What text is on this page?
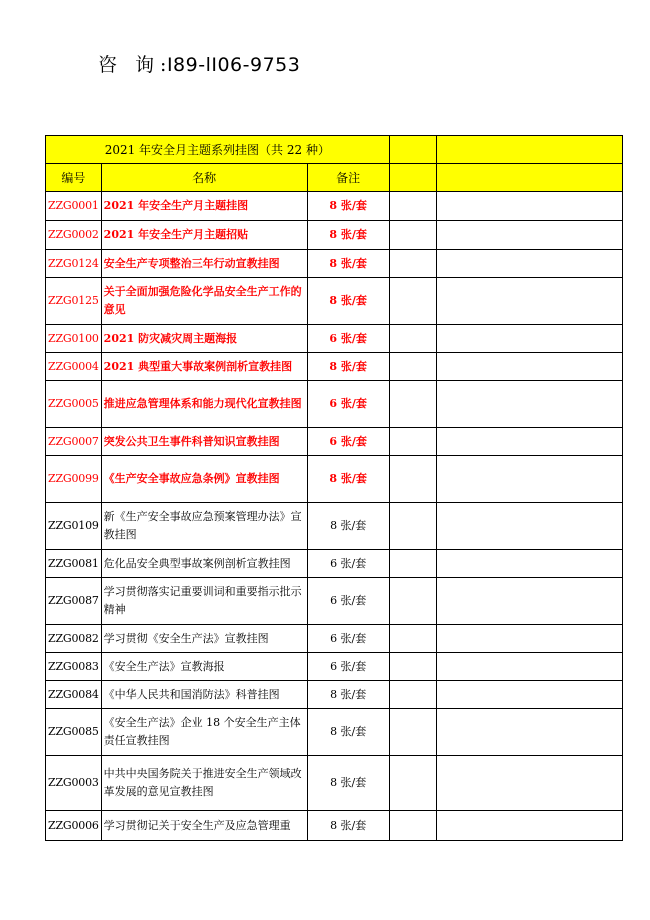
咨 询:I89-lI06-9753
2021 年安全月主题系列挂图（共 22 种）				
编号	名称	备注		
ZZG0001	2021 年安全生产月主题挂图	8 张/套		
ZZG0002	2021 年安全生产月主题招贴	8 张/套		
ZZG0124	安全生产专项整治三年行动宣教挂图	8 张/套		
ZZG0125	关于全面加强危险化学品安全生产工作的意见	8 张/套		
ZZG0100	2021 防灾减灾周主题海报	6 张/套		
ZZG0004	2021 典型重大事故案例剖析宣教挂图	8 张/套		
ZZG0005	推进应急管理体系和能力现代化宣教挂图	6 张/套		
ZZG0007	突发公共卫生事件科普知识宣教挂图	6 张/套		
ZZG0099	《生产安全事故应急条例》宣教挂图	8 张/套		
ZZG0109	新《生产安全事故应急预案管理办法》宣教挂图	8 张/套		
ZZG0081	危化品安全典型事故案例剖析宣教挂图	6 张/套		
ZZG0087	学习贯彻落实记重要训词和重要指示批示精神	6 张/套		
ZZG0082	学习贯彻《安全生产法》宣教挂图	6 张/套		
ZZG0083	《安全生产法》宣教海报	6 张/套		
ZZG0084	《中华人民共和国消防法》科普挂图	8 张/套		
ZZG0085	《安全生产法》企业 18 个安全生产主体责任宣教挂图	8 张/套		
ZZG0003	中共中央国务院关于推进安全生产领域改革发展的意见宣教挂图	8 张/套		
ZZG0006	学习贯彻记关于安全生产及应急管理重	8 张/套		
